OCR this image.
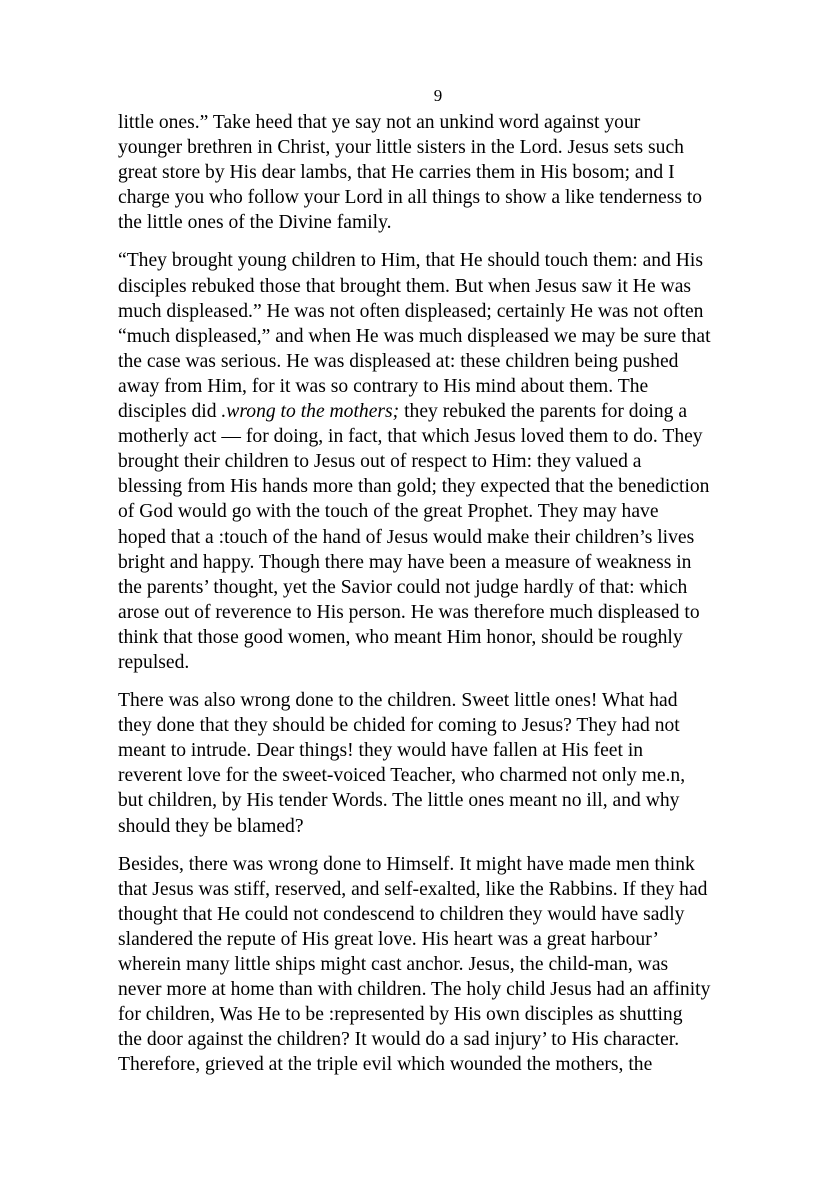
9

little ones.” Take heed that ye say not an unkind word against your
younger brethren in Christ, your little sisters in the Lord. Jesus sets such
great store by His dear lambs, that He carries them in His bosom; and I
charge you who follow your Lord in all things to show a like tenderness to
the little ones of the Divine family.

“They brought young children to Him, that He should touch them: and His
disciples rebuked those that brought them. But when Jesus saw it He was
much displeased.” He was not often displeased; certainly He was not often
“much displeased,” and when He was much displeased we may be sure that
the case was serious. He was displeased at: these children being pushed
away from Him, for it was so contrary to His mind about them. The
disciples did .wrong to the mothers; they rebuked the parents for doing a
motherly act — for doing, in fact, that which Jesus loved them to do. They
brought their children to Jesus out of respect to Him: they valued a
blessing from His hands more than gold; they expected that the benediction
of God would go with the touch of the great Prophet. They may have
hoped that a :touch of the hand of Jesus would make their children’s lives
bright and happy. Though there may have been a measure of weakness in
the parents’ thought, yet the Savior could not judge hardly of that: which
arose out of reverence to His person. He was therefore much displeased to
think that those good women, who meant Him honor, should be roughly
repulsed.

There was also wrong done to the children. Sweet little ones! What had
they done that they should be chided for coming to Jesus? They had not
meant to intrude. Dear things! they would have fallen at His feet in
reverent love for the sweet-voiced Teacher, who charmed not only me.n,
but children, by His tender Words. The little ones meant no ill, and why
should they be blamed?

Besides, there was wrong done to Himself. It might have made men think
that Jesus was stiff, reserved, and self-exalted, like the Rabbins. If they had
thought that He could not condescend to children they would have sadly
slandered the repute of His great love. His heart was a great harbour’
wherein many little ships might cast anchor. Jesus, the child-man, was
never more at home than with children. The holy child Jesus had an affinity
for children, Was He to be :represented by His own disciples as shutting
the door against the children? It would do a sad injury’ to His character.
Therefore, grieved at the triple evil which wounded the mothers, the
